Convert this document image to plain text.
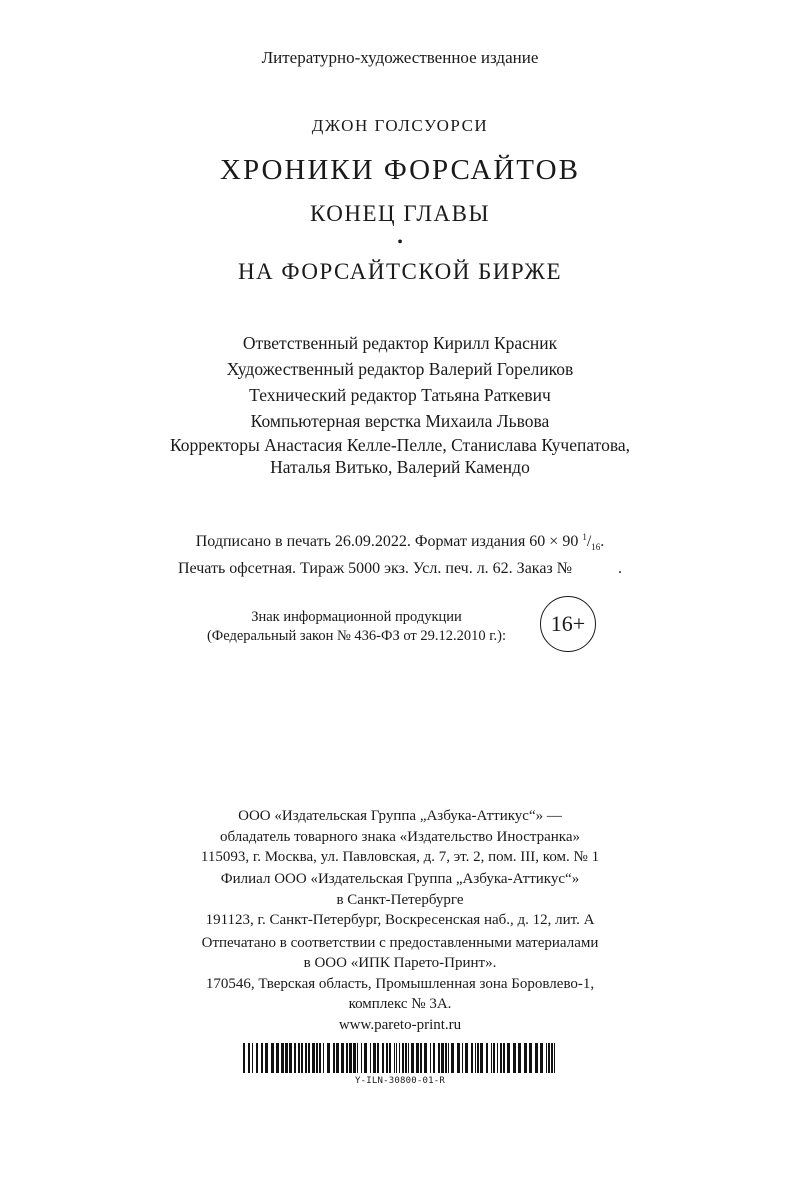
Литературно-художественное издание
ДЖОН ГОЛСУОРСИ
ХРОНИКИ ФОРСАЙТОВ
КОНЕЦ ГЛАВЫ
•
НА ФОРСАЙТСКОЙ БИРЖЕ
Ответственный редактор Кирилл Красник
Художественный редактор Валерий Гореликов
Технический редактор Татьяна Раткевич
Компьютерная верстка Михаила Львова
Корректоры Анастасия Келле-Пелле, Станислава Кучепатова,
Наталья Витько, Валерий Камендо
Подписано в печать 26.09.2022. Формат издания 60 × 90 $^1/_{16}$.
Печать офсетная. Тираж 5000 экз. Усл. печ. л. 62. Заказ №	.
Знак информационной продукции
(Федеральный закон № 436-ФЗ от 29.12.2010 г.):	16+
ООО «Издательская Группа „Азбука-Аттикус“» —
обладатель товарного знака «Издательство Иностранка»
115093, г. Москва, ул. Павловская, д. 7, эт. 2, пом. III, ком. № 1
Филиал ООО «Издательская Группа „Азбука-Аттикус“»
в Санкт-Петербурге
191123, г. Санкт-Петербург, Воскресенская наб., д. 12, лит. А
Отпечатано в соответствии с предоставленными материалами
в ООО «ИПК Парето-Принт».
170546, Тверская область, Промышленная зона Боровлево-1,
комплекс № 3А.
www.pareto-print.ru
Y-ILN-30800-01-R
